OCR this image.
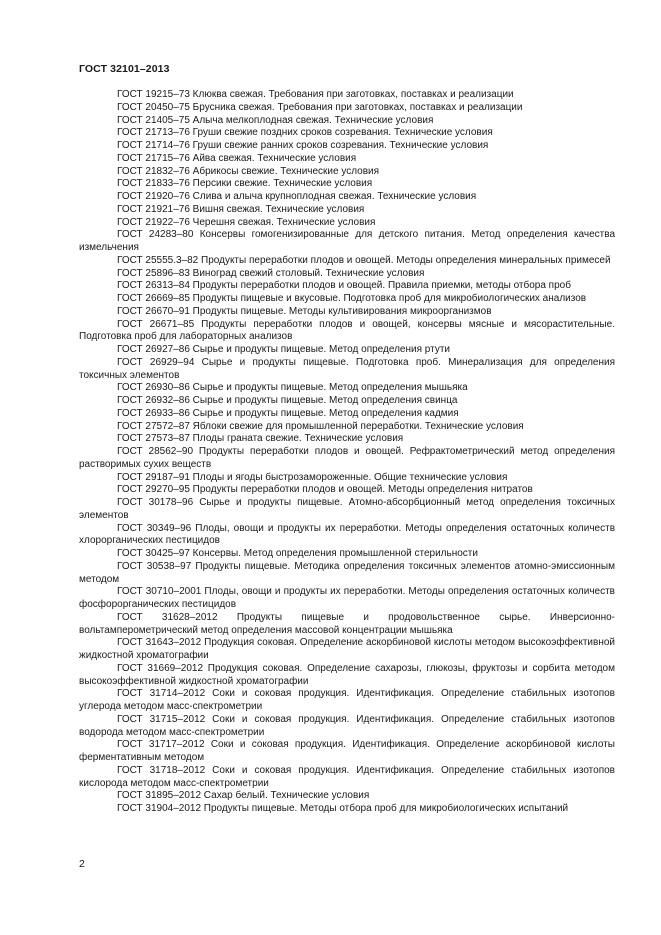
ГОСТ 32101–2013

ГОСТ 19215–73 Клюква свежая. Требования при заготовках, поставках и реализации

ГОСТ 20450–75 Брусника свежая. Требования при заготовках, поставках и реализации

ГОСТ 21405–75 Алыча мелкоплодная свежая. Технические условия

ГОСТ 21713–76 Груши свежие поздних сроков созревания. Технические условия

ГОСТ 21714–76 Груши свежие ранних сроков созревания. Технические условия

ГОСТ 21715–76 Айва свежая. Технические условия

ГОСТ 21832–76 Абрикосы свежие. Технические условия

ГОСТ 21833–76 Персики свежие. Технические условия

ГОСТ 21920–76 Слива и алыча крупноплодная свежая. Технические условия

ГОСТ 21921–76 Вишня свежая. Технические условия

ГОСТ 21922–76 Черешня свежая. Технические условия

ГОСТ 24283–80 Консервы гомогенизированные для детского питания. Метод определения качества измельчения

ГОСТ 25555.3–82 Продукты переработки плодов и овощей. Методы определения минеральных примесей

ГОСТ 25896–83 Виноград свежий столовый. Технические условия

ГОСТ 26313–84 Продукты переработки плодов и овощей. Правила приемки, методы отбора проб

ГОСТ 26669–85 Продукты пищевые и вкусовые. Подготовка проб для микробиологических анализов

ГОСТ 26670–91 Продукты пищевые. Методы культивирования микроорганизмов

ГОСТ 26671–85 Продукты переработки плодов и овощей, консервы мясные и мясорастительные. Подготовка проб для лабораторных анализов

ГОСТ 26927–86 Сырье и продукты пищевые. Метод определения ртути

ГОСТ 26929–94 Сырье и продукты пищевые. Подготовка проб. Минерализация для определения токсичных элементов

ГОСТ 26930–86 Сырье и продукты пищевые. Метод определения мышьяка

ГОСТ 26932–86 Сырье и продукты пищевые. Метод определения свинца

ГОСТ 26933–86 Сырье и продукты пищевые. Метод определения кадмия

ГОСТ 27572–87 Яблоки свежие для промышленной переработки. Технические условия

ГОСТ 27573–87 Плоды граната свежие. Технические условия

ГОСТ 28562–90 Продукты переработки плодов и овощей. Рефрактометрический метод определения растворимых сухих веществ

ГОСТ 29187–91 Плоды и ягоды быстрозамороженные. Общие технические условия

ГОСТ 29270–95 Продукты переработки плодов и овощей. Методы определения нитратов

ГОСТ 30178–96 Сырье и продукты пищевые. Атомно-абсорбционный метод определения токсичных элементов

ГОСТ 30349–96 Плоды, овощи и продукты их переработки. Методы определения остаточных количеств хлорорганических пестицидов

ГОСТ 30425–97 Консервы. Метод определения промышленной стерильности

ГОСТ 30538–97 Продукты пищевые. Методика определения токсичных элементов атомно-эмиссионным методом

ГОСТ 30710–2001 Плоды, овощи и продукты их переработки. Методы определения остаточных количеств фосфорорганических пестицидов

ГОСТ 31628–2012 Продукты пищевые и продовольственное сырье. Инверсионно-вольтамперометрический метод определения массовой концентрации мышьяка

ГОСТ 31643–2012 Продукция соковая. Определение аскорбиновой кислоты методом высокоэффективной жидкостной хроматографии

ГОСТ 31669–2012 Продукция соковая. Определение сахарозы, глюкозы, фруктозы и сорбита методом высокоэффективной жидкостной хроматографии

ГОСТ 31714–2012 Соки и соковая продукция. Идентификация. Определение стабильных изотопов углерода методом масс-спектрометрии

ГОСТ 31715–2012 Соки и соковая продукция. Идентификация. Определение стабильных изотопов водорода методом масс-спектрометрии

ГОСТ 31717–2012 Соки и соковая продукция. Идентификация. Определение аскорбиновой кислоты ферментативным методом

ГОСТ 31718–2012 Соки и соковая продукция. Идентификация. Определение стабильных изотопов кислорода методом масс-спектрометрии

ГОСТ 31895–2012 Сахар белый. Технические условия

ГОСТ 31904–2012 Продукты пищевые. Методы отбора проб для микробиологических испытаний

2
